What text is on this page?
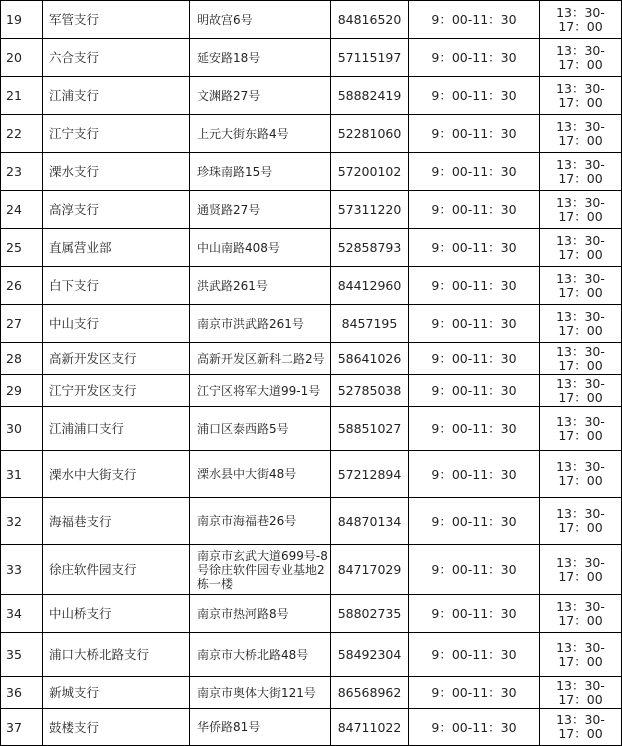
19	军管支行	明故宫6号	84816520	9：00-11：30	13：30-
17：00

20	六合支行	延安路18号	57115197	9：00-11：30	13：30-
17：00

21	江浦支行	文渊路27号	58882419	9：00-11：30	13：30-
17：00

22	江宁支行	上元大街东路4号	52281060	9：00-11：30	13：30-
17：00

23	溧水支行	珍珠南路15号	57200102	9：00-11：30	13：30-
17：00

24	高淳支行	通贤路27号	57311220	9：00-11：30	13：30-
17：00

25	直属营业部	中山南路408号	52858793	9：00-11：30	13：30-
17：00

26	白下支行	洪武路261号	84412960	9：00-11：30	13：30-
17：00

27	中山支行	南京市洪武路261号	8457195	9：00-11：30	13：30-
17：00

28	高新开发区支行	高新开发区新科二路2号	58641026	9：00-11：30	13：30-
17：00

29	江宁开发区支行	江宁区将军大道99-1号	52785038	9：00-11：30	13：30-
17：00

30	江浦浦口支行	浦口区泰西路5号	58851027	9：00-11：30	13：30-
17：00

31	溧水中大街支行	溧水县中大街48号	57212894	9：00-11：30	13：30-
17：00

32	海福巷支行	南京市海福巷26号	84870134	9：00-11：30	13：30-
17：00

33	徐庄软件园支行	南京市玄武大道699号-8号徐庄软件园专业基地2栋一楼	84717029	9：00-11：30	13：30-
17：00

34	中山桥支行	南京市热河路8号	58802735	9：00-11：30	13：30-
17：00

35	浦口大桥北路支行	南京市大桥北路48号	58492304	9：00-11：30	13：30-
17：00

36	新城支行	南京市奥体大街121号	86568962	9：00-11：30	13：30-
17：00

37	鼓楼支行	华侨路81号	84711022	9：00-11：30	13：30-
17：00
